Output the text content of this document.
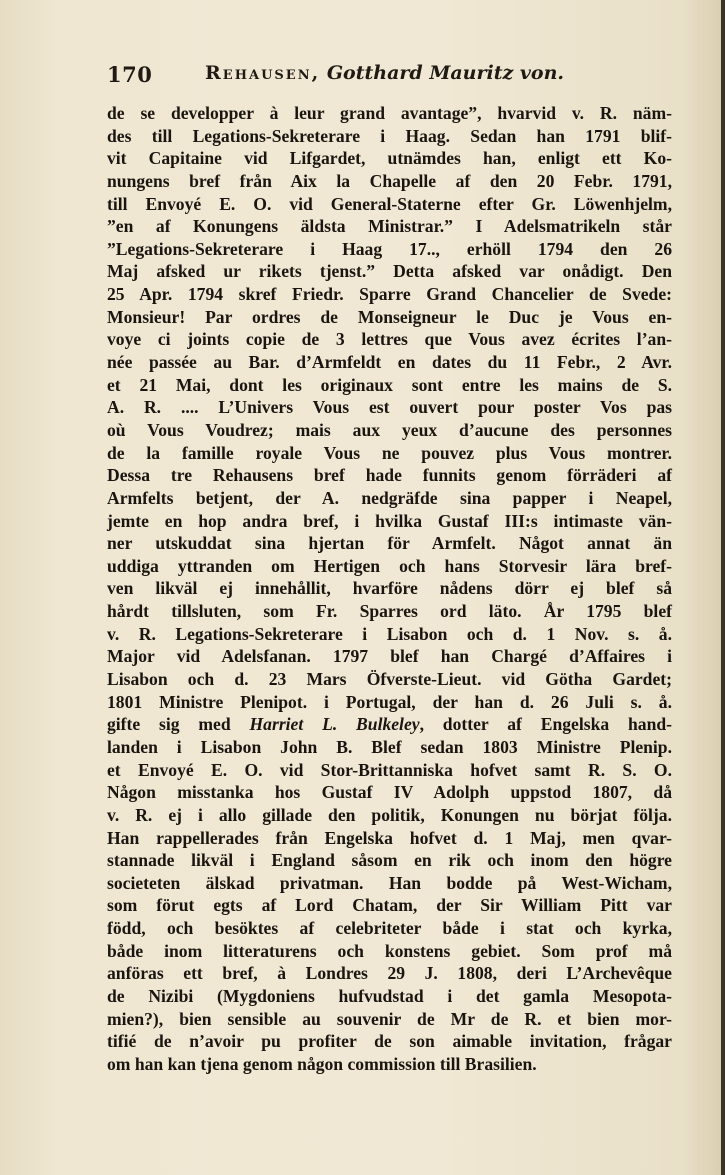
170	Rehausen, Gotthard Mauritz von.
de se developper à leur grand avantage”, hvarvid v. R. näm-
des till Legations-Sekreterare i Haag. Sedan han 1791 blif-
vit Capitaine vid Lifgardet, utnämdes han, enligt ett Ko-
nungens bref från Aix la Chapelle af den 20 Febr. 1791,
till Envoyé E. O. vid General-Staterne efter Gr. Löwenhjelm,
”en af Konungens äldsta Ministrar.” I Adelsmatrikeln står
”Legations-Sekreterare i Haag 17.., erhöll 1794 den 26
Maj afsked ur rikets tjenst.” Detta afsked var onådigt. Den
25 Apr. 1794 skref Friedr. Sparre Grand Chancelier de Svede:
Monsieur! Par ordres de Monseigneur le Duc je Vous en-
voye ci joints copie de 3 lettres que Vous avez écrites l’an-
née passée au Bar. d’Armfeldt en dates du 11 Febr., 2 Avr.
et 21 Mai, dont les originaux sont entre les mains de S.
A. R. .... L’Univers Vous est ouvert pour poster Vos pas
où Vous Voudrez; mais aux yeux d’aucune des personnes
de la famille royale Vous ne pouvez plus Vous montrer.
Dessa tre Rehausens bref hade funnits genom förräderi af
Armfelts betjent, der A. nedgräfde sina papper i Neapel,
jemte en hop andra bref, i hvilka Gustaf III:s intimaste vän-
ner utskuddat sina hjertan för Armfelt. Något annat än
uddiga yttranden om Hertigen och hans Storvesir lära bref-
ven likväl ej innehållit, hvarföre nådens dörr ej blef så
hårdt tillsluten, som Fr. Sparres ord läto. År 1795 blef
v. R. Legations-Sekreterare i Lisabon och d. 1 Nov. s. å.
Major vid Adelsfanan. 1797 blef han Chargé d’Affaires i
Lisabon och d. 23 Mars Öfverste-Lieut. vid Götha Gardet;
1801 Ministre Plenipot. i Portugal, der han d. 26 Juli s. å.
gifte sig med Harriet L. Bulkeley, dotter af Engelska hand-
landen i Lisabon John B. Blef sedan 1803 Ministre Plenip.
et Envoyé E. O. vid Stor-Brittanniska hofvet samt R. S. O.
Någon misstanka hos Gustaf IV Adolph uppstod 1807, då
v. R. ej i allo gillade den politik, Konungen nu börjat följa.
Han rappellerades från Engelska hofvet d. 1 Maj, men qvar-
stannade likväl i England såsom en rik och inom den högre
societeten älskad privatman. Han bodde på West-Wicham,
som förut egts af Lord Chatam, der Sir William Pitt var
född, och besöktes af celebriteter både i stat och kyrka,
både inom litteraturens och konstens gebiet. Som prof må
anföras ett bref, à Londres 29 J. 1808, deri L’Archevêque
de Nizibi (Mygdoniens hufvudstad i det gamla Mesopota-
mien?), bien sensible au souvenir de Mr de R. et bien mor-
tifié de n’avoir pu profiter de son aimable invitation, frågar
om han kan tjena genom någon commission till Brasilien.
